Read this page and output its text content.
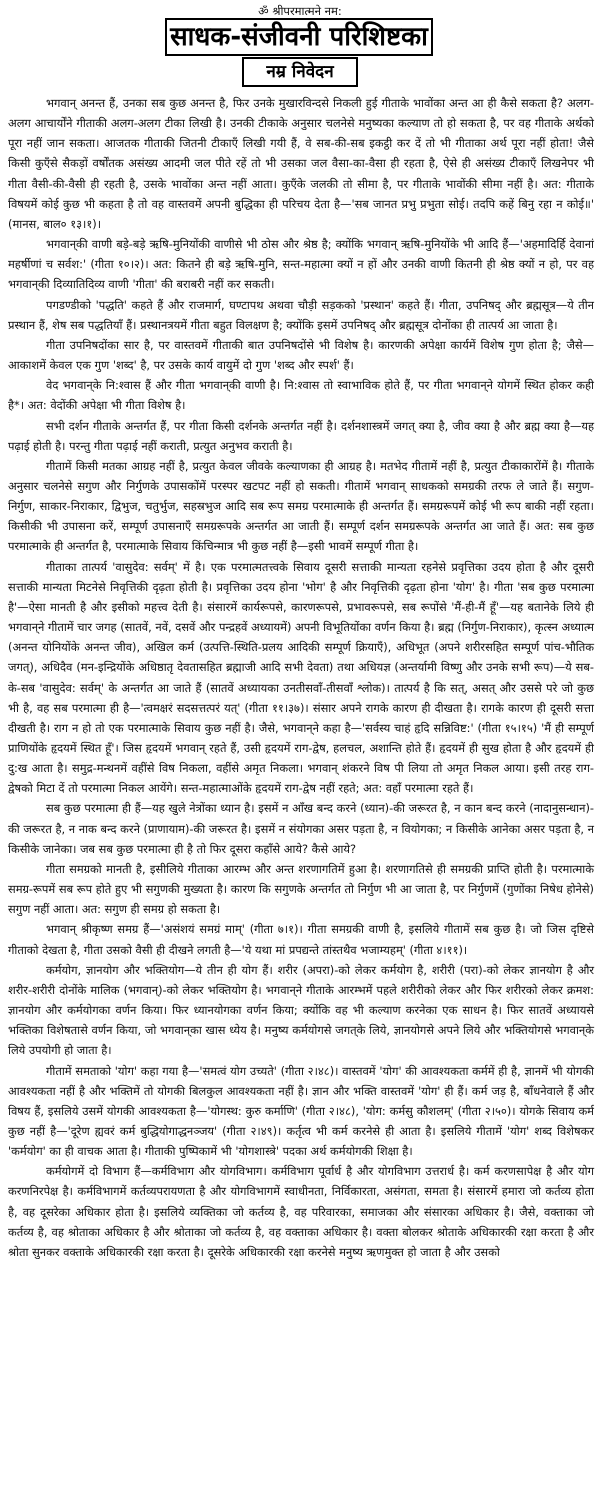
ॐ श्रीपरमात्मने नम:
साधक-संजीवनी परिशिष्टका
नम्र निवेदन

भगवान् अनन्त हैं, उनका सब कुछ अनन्त है, फिर उनके मुखारविन्दसे निकली हुई गीताके भावोंका अन्त आ ही कैसे सकता है? अलग-अलग आचार्योंने गीताकी अलग-अलग टीका लिखी है। उनकी टीकाके अनुसार चलनेसे मनुष्यका कल्याण तो हो सकता है, पर वह गीताके अर्थको पूरा नहीं जान सकता। आजतक गीताकी जितनी टीकाएँ लिखी गयी हैं, वे सब-की-सब इकट्ठी कर दें तो भी गीताका अर्थ पूरा नहीं होता! जैसे किसी कुएँसे सैकड़ों वर्षोंतक असंख्य आदमी जल पीते रहें तो भी उसका जल वैसा-का-वैसा ही रहता है, ऐसे ही असंख्य टीकाएँ लिखनेपर भी गीता वैसी-की-वैसी ही रहती है, उसके भावोंका अन्त नहीं आता। कुएँके जलकी तो सीमा है, पर गीताके भावोंकी सीमा नहीं है। अत: गीताके विषयमें कोई कुछ भी कहता है तो वह वास्तवमें अपनी बुद्धिका ही परिचय देता है—'सब जानत प्रभु प्रभुता सोई। तदपि कहें बिनु रहा न कोई॥' (मानस, बाल० १३।१)।

भगवान्‌की वाणी बड़े-बड़े ऋषि-मुनियोंकी वाणीसे भी ठोस और श्रेष्ठ है; क्योंकि भगवान् ऋषि-मुनियोंके भी आदि हैं—'अहमादिर्हि देवानां महर्षीणां च सर्वश:' (गीता १०।२)। अत: कितने ही बड़े ऋषि-मुनि, सन्त-महात्मा क्यों न हों और उनकी वाणी कितनी ही श्रेष्ठ क्यों न हो, पर वह भगवान्‌की दिव्यातिदिव्य वाणी 'गीता' की बराबरी नहीं कर सकती।

पगडण्डीको 'पद्धति' कहते हैं और राजमार्ग, घण्टापथ अथवा चौड़ी सड़कको 'प्रस्थान' कहते हैं। गीता, उपनिषद् और ब्रह्मसूत्र—ये तीन प्रस्थान हैं, शेष सब पद्धतियाँ हैं। प्रस्थानत्रयमें गीता बहुत विलक्षण है; क्योंकि इसमें उपनिषद् और ब्रह्मसूत्र दोनोंका ही तात्पर्य आ जाता है।

गीता उपनिषदोंका सार है, पर वास्तवमें गीताकी बात उपनिषदोंसे भी विशेष है। कारणकी अपेक्षा कार्यमें विशेष गुण होता है; जैसे—आकाशमें केवल एक गुण 'शब्द' है, पर उसके कार्य वायुमें दो गुण 'शब्द और स्पर्श' हैं।

वेद भगवान्‌के नि:श्वास हैं और गीता भगवान्‌की वाणी है। नि:श्वास तो स्वाभाविक होते हैं, पर गीता भगवान्‌ने योगमें स्थित होकर कही है*। अत: वेदोंकी अपेक्षा भी गीता विशेष है।

सभी दर्शन गीताके अन्तर्गत हैं, पर गीता किसी दर्शनके अन्तर्गत नहीं है। दर्शनशास्त्रमें जगत् क्या है, जीव क्या है और ब्रह्म क्या है—यह पढ़ाई होती है। परन्तु गीता पढ़ाई नहीं कराती, प्रत्युत अनुभव कराती है।

गीतामें किसी मतका आग्रह नहीं है, प्रत्युत केवल जीवके कल्याणका ही आग्रह है। मतभेद गीतामें नहीं है, प्रत्युत टीकाकारोंमें है। गीताके अनुसार चलनेसे सगुण और निर्गुणके उपासकोंमें परस्पर खटपट नहीं हो सकती। गीतामें भगवान् साधकको समग्रकी तरफ ले जाते हैं। सगुण-निर्गुण, साकार-निराकार, द्विभुज, चतुर्भुज, सहस्रभुज आदि सब रूप समग्र परमात्माके ही अन्तर्गत हैं। समग्ररूपमें कोई भी रूप बाकी नहीं रहता। किसीकी भी उपासना करें, सम्पूर्ण उपासनाएँ समग्ररूपके अन्तर्गत आ जाती हैं। सम्पूर्ण दर्शन समग्ररूपके अन्तर्गत आ जाते हैं। अत: सब कुछ परमात्माके ही अन्तर्गत है, परमात्माके सिवाय किंचिन्मात्र भी कुछ नहीं है—इसी भावमें सम्पूर्ण गीता है।

गीताका तात्पर्य 'वासुदेव: सर्वम्' में है। एक परमात्मतत्त्वके सिवाय दूसरी सत्ताकी मान्यता रहनेसे प्रवृत्तिका उदय होता है और दूसरी सत्ताकी मान्यता मिटनेसे निवृत्तिकी दृढ़ता होती है। प्रवृत्तिका उदय होना 'भोग' है और निवृत्तिकी दृढ़ता होना 'योग' है। गीता 'सब कुछ परमात्मा है'—ऐसा मानती है और इसीको महत्त्व देती है। संसारमें कार्यरूपसे, कारणरूपसे, प्रभावरूपसे, सब रूपोंसे 'मैं-ही-मैं हूँ'—यह बतानेके लिये ही भगवान्‌ने गीतामें चार जगह (सातवें, नवें, दसवें और पन्द्रहवें अध्यायमें) अपनी विभूतियोंका वर्णन किया है। ब्रह्म (निर्गुण-निराकार), कृत्स्न अध्यात्म (अनन्त योनियोंके अनन्त जीव), अखिल कर्म (उत्पत्ति-स्थिति-प्रलय आदिकी सम्पूर्ण क्रियाएँ), अधिभूत (अपने शरीरसहित सम्पूर्ण पांच-भौतिक जगत्), अधिदैव (मन-इन्द्रियोंके अधिष्ठातृ देवतासहित ब्रह्माजी आदि सभी देवता) तथा अधियज्ञ (अन्तर्यामी विष्णु और उनके सभी रूप)—ये सब-के-सब 'वासुदेव: सर्वम्' के अन्तर्गत आ जाते हैं (सातवें अध्यायका उनतीसवाँ-तीसवाँ श्लोक)। तात्पर्य है कि सत्, असत् और उससे परे जो कुछ भी है, वह सब परमात्मा ही है—'त्वमक्षरं सदसत्तत्परं यत्' (गीता ११।३७)। संसार अपने रागके कारण ही दीखता है। रागके कारण ही दूसरी सत्ता दीखती है। राग न हो तो एक परमात्माके सिवाय कुछ नहीं है। जैसे, भगवान्‌ने कहा है—'सर्वस्य चाहं हृदि सन्निविष्ट:' (गीता १५।१५) 'मैं ही सम्पूर्ण प्राणियोंके हृदयमें स्थित हूँ'। जिस हृदयमें भगवान् रहते हैं, उसी हृदयमें राग-द्वेष, हलचल, अशान्ति होते हैं। हृदयमें ही सुख होता है और हृदयमें ही दु:ख आता है। समुद्र-मन्थनमें वहींसे विष निकला, वहींसे अमृत निकला। भगवान् शंकरने विष पी लिया तो अमृत निकल आया। इसी तरह राग-द्वेषको मिटा दें तो परमात्मा निकल आयेंगे। सन्त-महात्माओंके हृदयमें राग-द्वेष नहीं रहते; अत: वहाँ परमात्मा रहते हैं।

सब कुछ परमात्मा ही हैं—यह खुले नेत्रोंका ध्यान है। इसमें न आँख बन्द करने (ध्यान)-की जरूरत है, न कान बन्द करने (नादानुसन्धान)-की जरूरत है, न नाक बन्द करने (प्राणायाम)-की जरूरत है। इसमें न संयोगका असर पड़ता है, न वियोगका; न किसीके आनेका असर पड़ता है, न किसीके जानेका। जब सब कुछ परमात्मा ही है तो फिर दूसरा कहाँसे आये? कैसे आये?

गीता समग्रको मानती है, इसीलिये गीताका आरम्भ और अन्त शरणागतिमें हुआ है। शरणागतिसे ही समग्रकी प्राप्ति होती है। परमात्माके समग्र-रूपमें सब रूप होते हुए भी सगुणकी मुख्यता है। कारण कि सगुणके अन्तर्गत तो निर्गुण भी आ जाता है, पर निर्गुणमें (गुणोंका निषेध होनेसे) सगुण नहीं आता। अत: सगुण ही समग्र हो सकता है।

भगवान् श्रीकृष्ण समग्र हैं—'असंशयं समग्रं माम्' (गीता ७।१)। गीता समग्रकी वाणी है, इसलिये गीतामें सब कुछ है। जो जिस दृष्टिसे गीताको देखता है, गीता उसको वैसी ही दीखने लगती है—'ये यथा मां प्रपद्यन्ते तांस्तथैव भजाम्यहम्' (गीता ४।११)।

कर्मयोग, ज्ञानयोग और भक्तियोग—ये तीन ही योग हैं। शरीर (अपरा)-को लेकर कर्मयोग है, शरीरी (परा)-को लेकर ज्ञानयोग है और शरीर-शरीरी दोनोंके मालिक (भगवान्)-को लेकर भक्तियोग है। भगवान्‌ने गीताके आरम्भमें पहले शरीरीको लेकर और फिर शरीरको लेकर क्रमश: ज्ञानयोग और कर्मयोगका वर्णन किया। फिर ध्यानयोगका वर्णन किया; क्योंकि वह भी कल्याण करनेका एक साधन है। फिर सातवें अध्यायसे भक्तिका विशेषतासे वर्णन किया, जो भगवान्‌का खास ध्येय है। मनुष्य कर्मयोगसे जगत्‌के लिये, ज्ञानयोगसे अपने लिये और भक्तियोगसे भगवान्‌के लिये उपयोगी हो जाता है।

गीतामें समताको 'योग' कहा गया है—'समत्वं योग उच्यते' (गीता २।४८)। वास्तवमें 'योग' की आवश्यकता कर्ममें ही है, ज्ञानमें भी योगकी आवश्यकता नहीं है और भक्तिमें तो योगकी बिलकुल आवश्यकता नहीं है। ज्ञान और भक्ति वास्तवमें 'योग' ही हैं। कर्म जड़ है, बाँधनेवाले हैं और विषय हैं, इसलिये उसमें योगकी आवश्यकता है—'योगस्थ: कुरु कर्माणि' (गीता २।४८), 'योग: कर्मसु कौशलम्' (गीता २।५०)। योगके सिवाय कर्म कुछ नहीं है—'दूरेण ह्यवरं कर्म बुद्धियोगाद्धनञ्जय' (गीता २।४९)। कर्तृत्व भी कर्म करनेसे ही आता है। इसलिये गीतामें 'योग' शब्द विशेषकर 'कर्मयोग' का ही वाचक आता है। गीताकी पुष्पिकामें भी 'योगशास्त्रे' पदका अर्थ कर्मयोगकी शिक्षा है।

कर्मयोगमें दो विभाग हैं—कर्मविभाग और योगविभाग। कर्मविभाग पूर्वार्ध है और योगविभाग उत्तरार्ध है। कर्म करणसापेक्ष है और योग करणनिरपेक्ष है। कर्मविभागमें कर्तव्यपरायणता है और योगविभागमें स्वाधीनता, निर्विकारता, असंगता, समता है। संसारमें हमारा जो कर्तव्य होता है, वह दूसरेका अधिकार होता है। इसलिये व्यक्तिका जो कर्तव्य है, वह परिवारका, समाजका और संसारका अधिकार है। जैसे, वक्ताका जो कर्तव्य है, वह श्रोताका अधिकार है और श्रोताका जो कर्तव्य है, वह वक्ताका अधिकार है। वक्ता बोलकर श्रोताके अधिकारकी रक्षा करता है और श्रोता सुनकर वक्ताके अधिकारकी रक्षा करता है। दूसरेके अधिकारकी रक्षा करनेसे मनुष्य ऋणमुक्त हो जाता है और उसको
